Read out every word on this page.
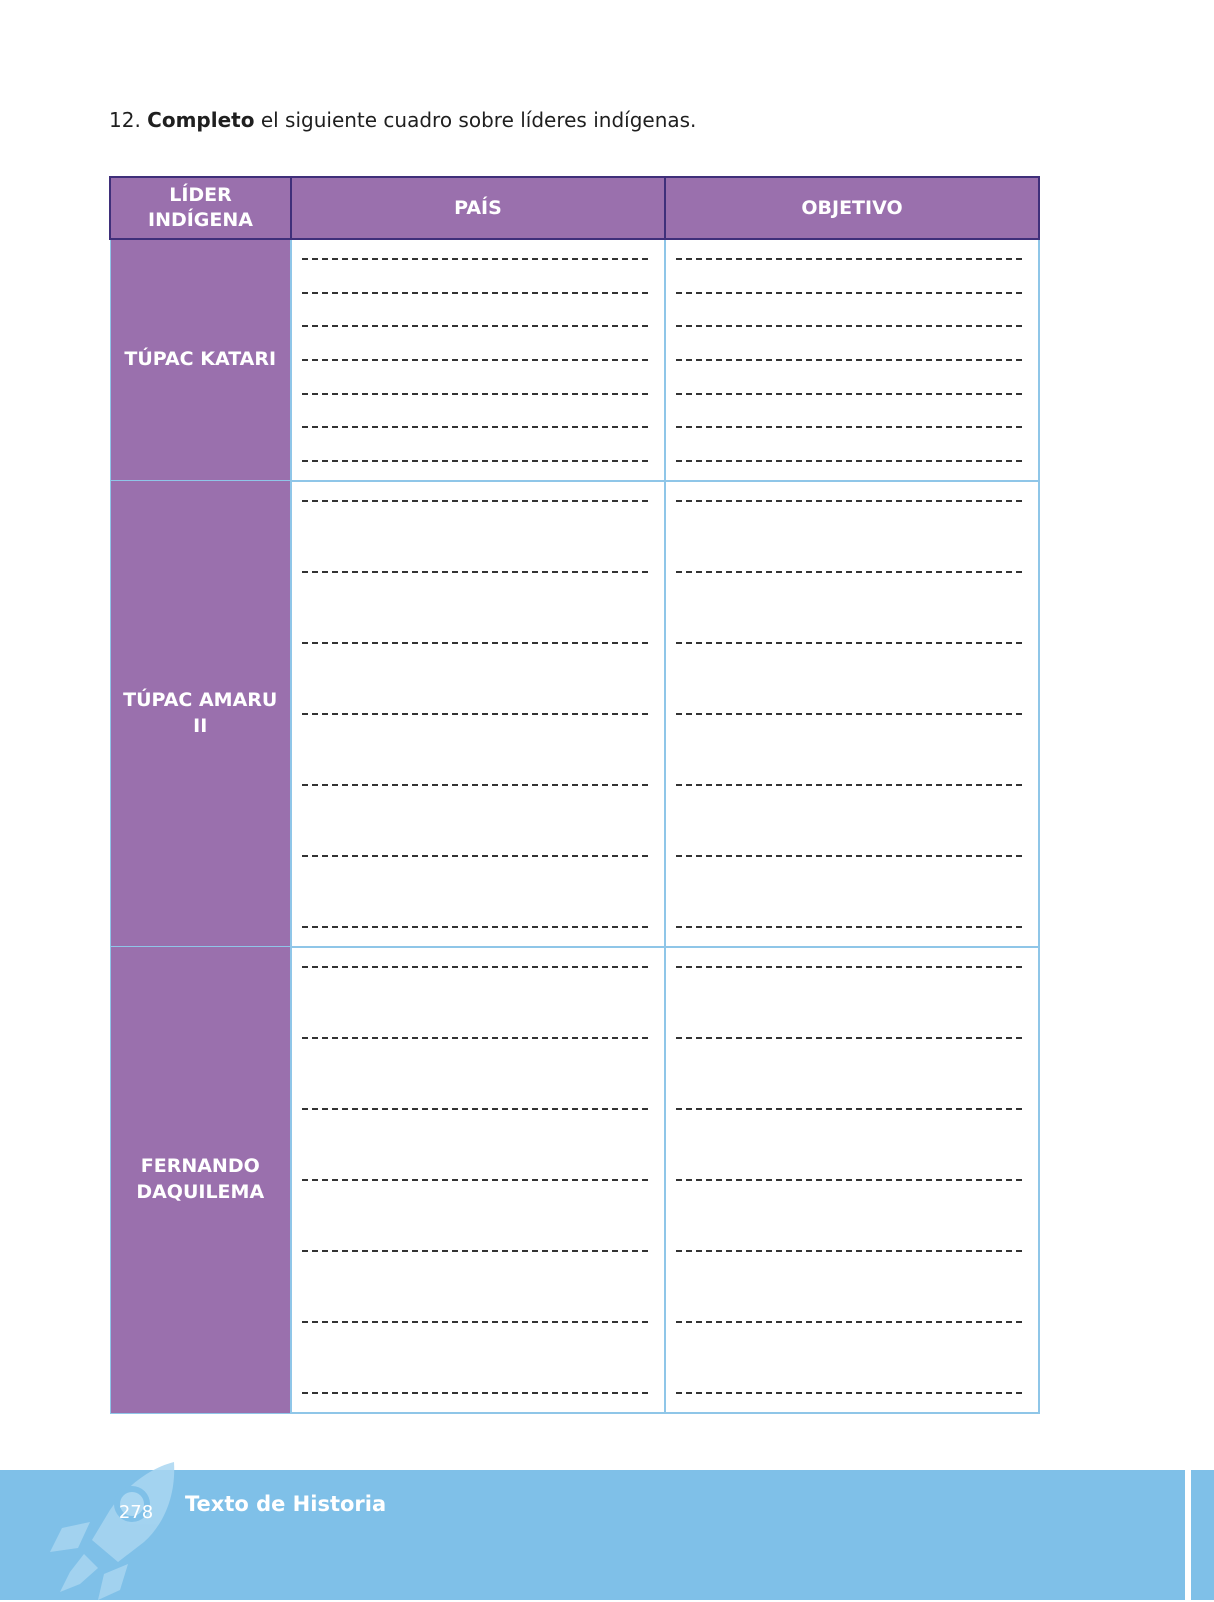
12. Completo el siguiente cuadro sobre líderes indígenas.
LÍDER INDÍGENA	PAÍS	OBJETIVO
TÚPAC KATARI	

TÚPAC AMARU II	

FERNANDO DAQUILEMA	

278 Texto de Historia
